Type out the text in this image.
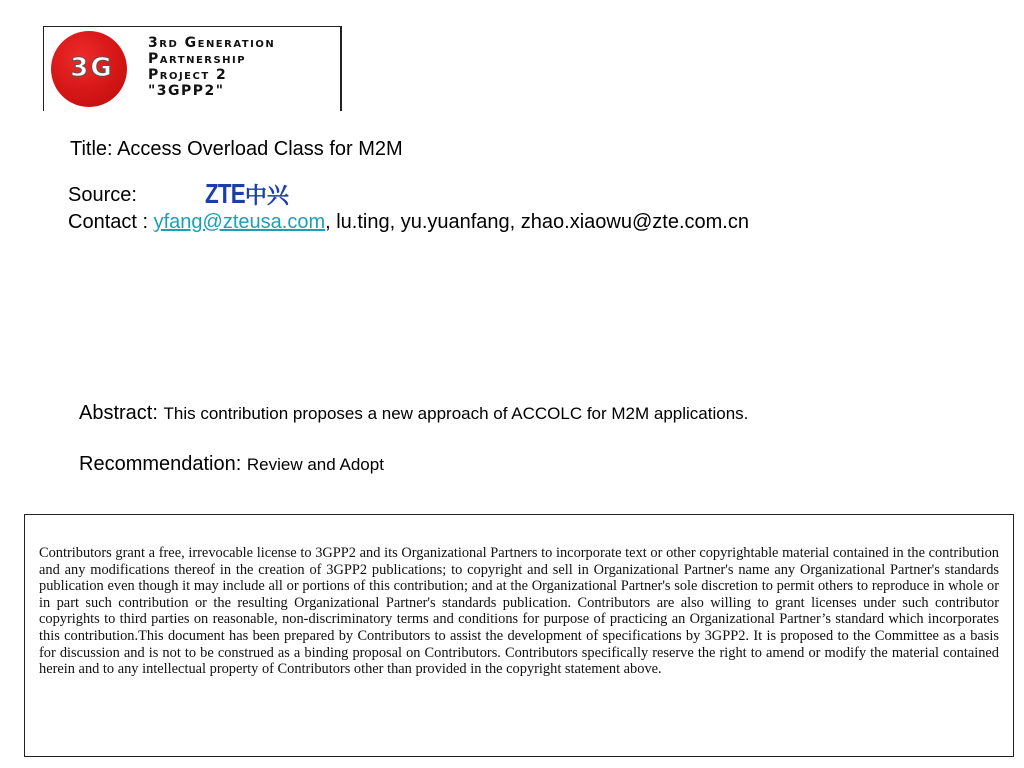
3G
3rd Generation
Partnership
Project 2
"3GPP2"
Title: Access Overload Class for M2M
Source: ZTE中兴
Contact : yfang@zteusa.com, lu.ting, yu.yuanfang, zhao.xiaowu@zte.com.cn
Abstract: This contribution proposes a new approach of ACCOLC for M2M applications.
Recommendation: Review and Adopt

Contributors grant a free, irrevocable license to 3GPP2 and its Organizational Partners to incorporate text or other copyrightable material contained in the contribution and any modifications thereof in the creation of 3GPP2 publications; to copyright and sell in Organizational Partner's name any Organizational Partner's standards publication even though it may include all or portions of this contribution; and at the Organizational Partner's sole discretion to permit others to reproduce in whole or in part such contribution or the resulting Organizational Partner's standards publication. Contributors are also willing to grant licenses under such contributor copyrights to third parties on reasonable, non-discriminatory terms and conditions for purpose of practicing an Organizational Partner’s standard which incorporates this contribution.This document has been prepared by Contributors to assist the development of specifications by 3GPP2. It is proposed to the Committee as a basis for discussion and is not to be construed as a binding proposal on Contributors. Contributors specifically reserve the right to amend or modify the material contained herein and to any intellectual property of Contributors other than provided in the copyright statement above.
